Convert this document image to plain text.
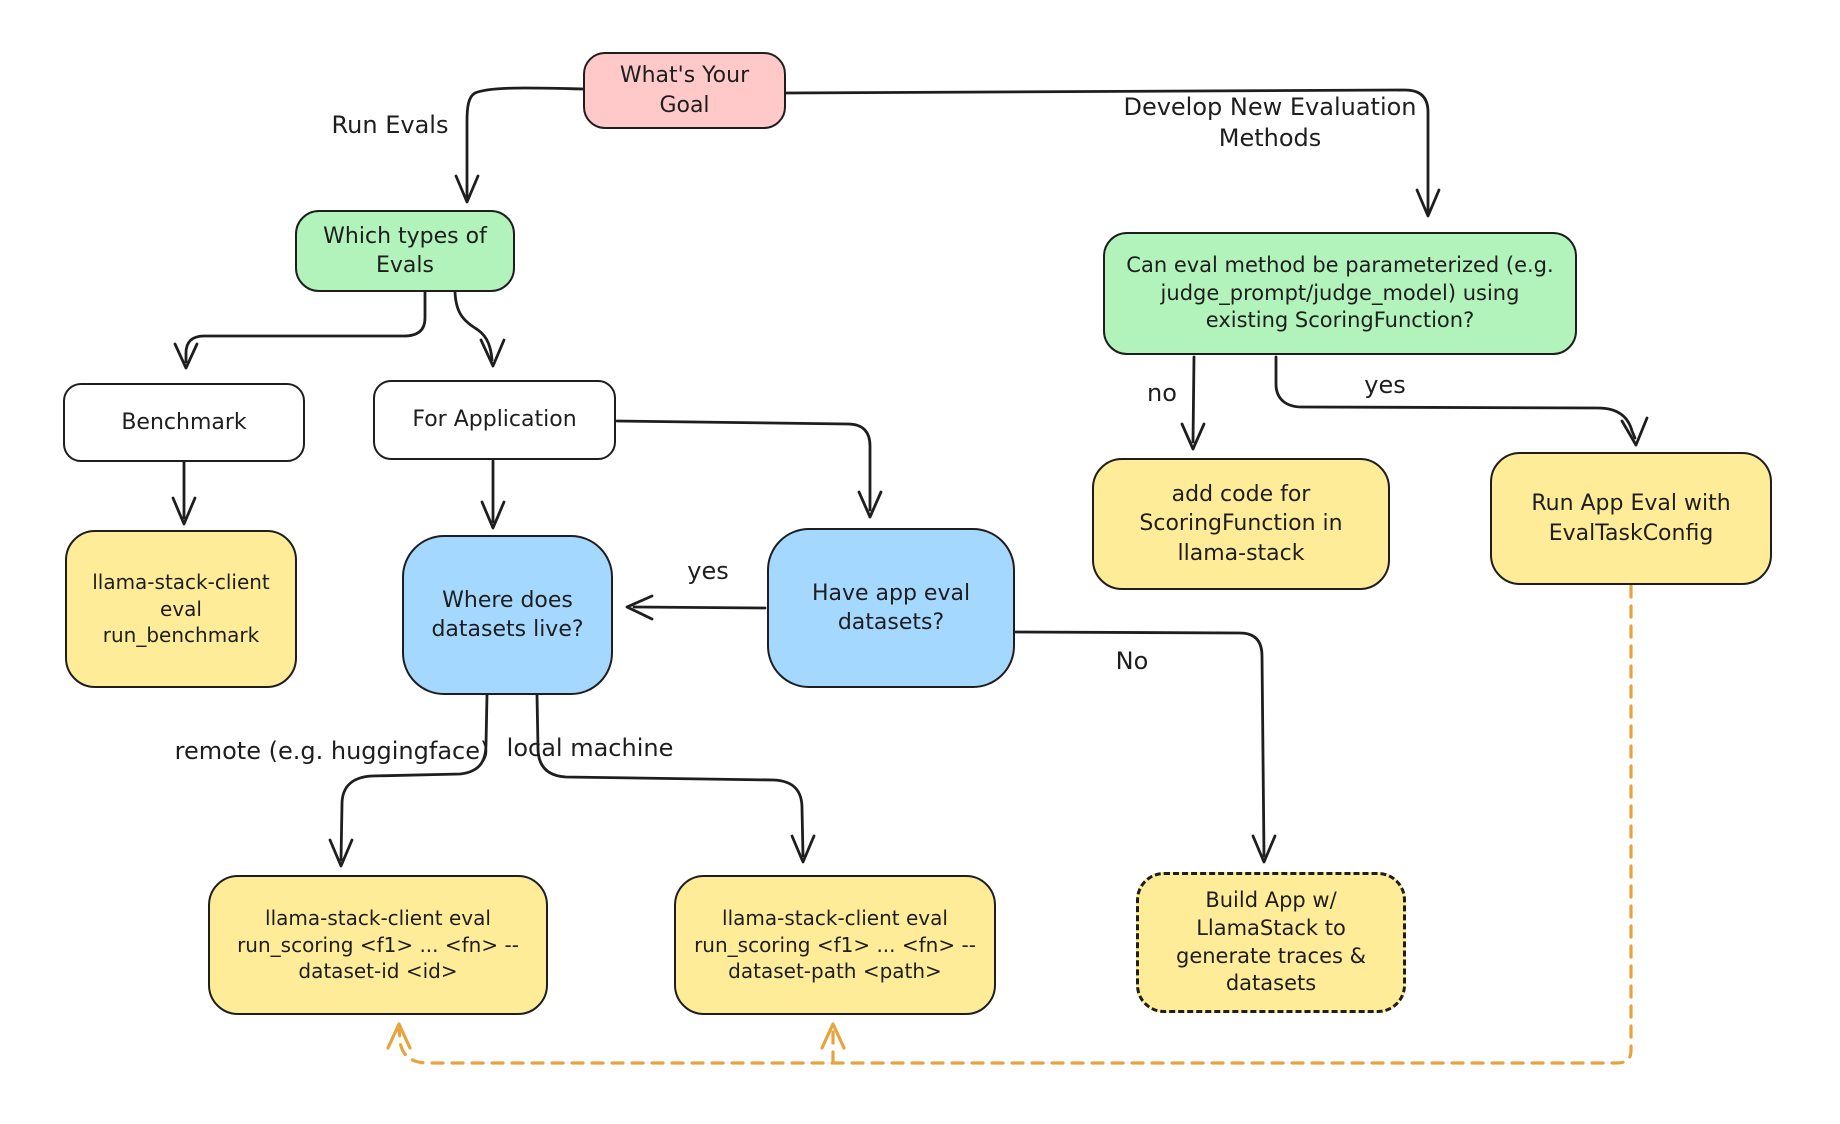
What's Your Goal
Which types of Evals	Can eval method be parameterized (e.g. judge_prompt/judge_model) using existing ScoringFunction?
Benchmark	For Application
llama-stack-client eval run_benchmark
Where does datasets live?
Have app eval datasets?
add code for ScoringFunction in llama-stack
Run App Eval with EvalTaskConfig
llama-stack-client eval run_scoring <f1> ... <fn> --dataset-id <id>
llama-stack-client eval run_scoring <f1> ... <fn> --dataset-path <path>
Build App w/ LlamaStack to generate traces & datasets
Run Evals
Develop New Evaluation Methods
no	yes
yes
No
remote (e.g. huggingface) local machine
